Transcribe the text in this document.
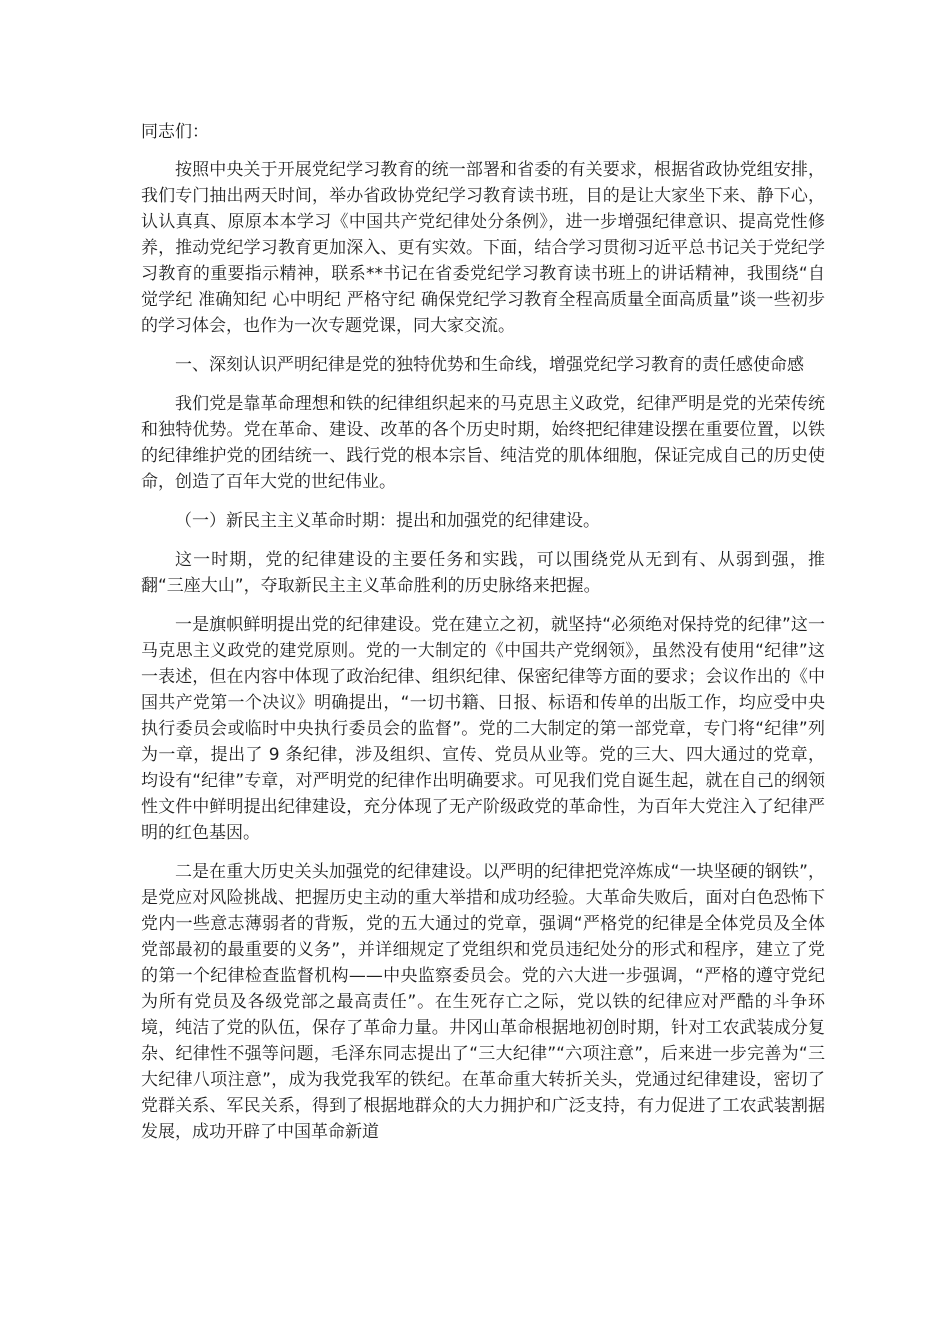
同志们：

按照中央关于开展党纪学习教育的统一部署和省委的有关要求，根据省政协党组安排，我们专门抽出两天时间，举办省政协党纪学习教育读书班，目的是让大家坐下来、静下心，认认真真、原原本本学习《中国共产党纪律处分条例》，进一步增强纪律意识、提高党性修养，推动党纪学习教育更加深入、更有实效。下面，结合学习贯彻习近平总书记关于党纪学习教育的重要指示精神，联系**书记在省委党纪学习教育读书班上的讲话精神，我围绕“自觉学纪 准确知纪 心中明纪 严格守纪 确保党纪学习教育全程高质量全面高质量”谈一些初步的学习体会，也作为一次专题党课，同大家交流。

一、深刻认识严明纪律是党的独特优势和生命线，增强党纪学习教育的责任感使命感

我们党是靠革命理想和铁的纪律组织起来的马克思主义政党，纪律严明是党的光荣传统和独特优势。党在革命、建设、改革的各个历史时期，始终把纪律建设摆在重要位置，以铁的纪律维护党的团结统一、践行党的根本宗旨、纯洁党的肌体细胞，保证完成自己的历史使命，创造了百年大党的世纪伟业。

（一）新民主主义革命时期：提出和加强党的纪律建设。

这一时期，党的纪律建设的主要任务和实践，可以围绕党从无到有、从弱到强，推翻“三座大山”，夺取新民主主义革命胜利的历史脉络来把握。

一是旗帜鲜明提出党的纪律建设。党在建立之初，就坚持“必须绝对保持党的纪律”这一马克思主义政党的建党原则。党的一大制定的《中国共产党纲领》，虽然没有使用“纪律”这一表述，但在内容中体现了政治纪律、组织纪律、保密纪律等方面的要求；会议作出的《中国共产党第一个决议》明确提出，“一切书籍、日报、标语和传单的出版工作，均应受中央执行委员会或临时中央执行委员会的监督”。党的二大制定的第一部党章，专门将“纪律”列为一章，提出了 9 条纪律，涉及组织、宣传、党员从业等。党的三大、四大通过的党章，均设有“纪律”专章，对严明党的纪律作出明确要求。可见我们党自诞生起，就在自己的纲领性文件中鲜明提出纪律建设，充分体现了无产阶级政党的革命性，为百年大党注入了纪律严明的红色基因。

二是在重大历史关头加强党的纪律建设。以严明的纪律把党淬炼成“一块坚硬的钢铁”，是党应对风险挑战、把握历史主动的重大举措和成功经验。大革命失败后，面对白色恐怖下党内一些意志薄弱者的背叛，党的五大通过的党章，强调“严格党的纪律是全体党员及全体党部最初的最重要的义务”，并详细规定了党组织和党员违纪处分的形式和程序，建立了党的第一个纪律检查监督机构——中央监察委员会。党的六大进一步强调，“严格的遵守党纪为所有党员及各级党部之最高责任”。在生死存亡之际，党以铁的纪律应对严酷的斗争环境，纯洁了党的队伍，保存了革命力量。井冈山革命根据地初创时期，针对工农武装成分复杂、纪律性不强等问题，毛泽东同志提出了“三大纪律”“六项注意”，后来进一步完善为“三大纪律八项注意”，成为我党我军的铁纪。在革命重大转折关头，党通过纪律建设，密切了党群关系、军民关系，得到了根据地群众的大力拥护和广泛支持，有力促进了工农武装割据发展，成功开辟了中国革命新道
